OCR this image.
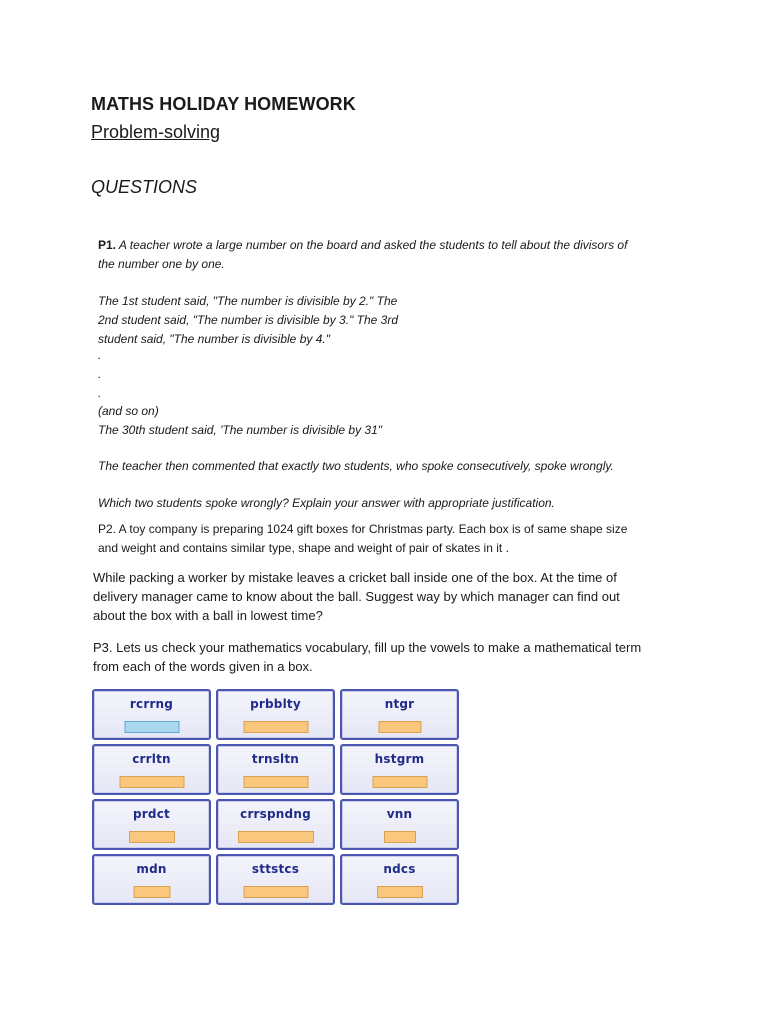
MATHS HOLIDAY HOMEWORK
Problem-solving
QUESTIONS

P1. A teacher wrote a large number on the board and asked the students to tell about the divisors of the number one by one.

The 1st student said, "The number is divisible by 2." The
2nd student said, "The number is divisible by 3." The 3rd
student said, "The number is divisible by 4."
.
.
.
(and so on)
The 30th student said, 'The number is divisible by 31"
The teacher then commented that exactly two students, who spoke consecutively, spoke wrongly.
Which two students spoke wrongly? Explain your answer with appropriate justification.

P2. A toy company is preparing 1024 gift boxes for Christmas party. Each box is of same shape size and weight and contains similar type, shape and weight of pair of skates in it .

While packing a worker by mistake leaves a cricket ball inside one of the box. At the time of delivery manager came to know about the ball. Suggest way by which manager can find out about the box with a ball in lowest time?

P3. Lets us check your mathematics vocabulary, fill up the vowels to make a mathematical term from each of the words given in a box.

rcrrng	prbblty	ntgr
crrltn	trnsltn	hstgrm
prdct	crrspndng	vnn
mdn	sttstcs	ndcs
